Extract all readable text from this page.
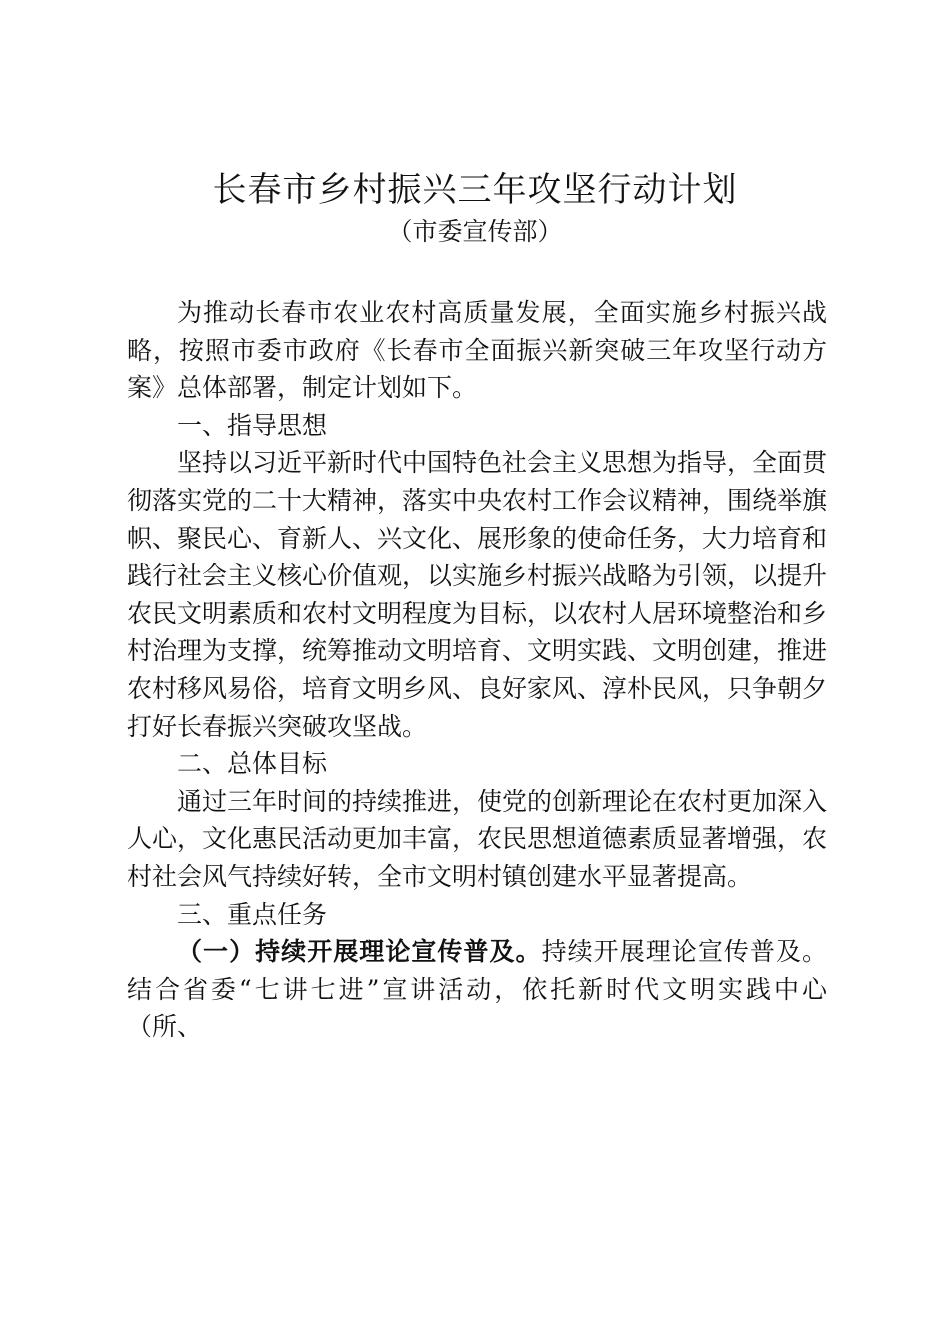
长春市乡村振兴三年攻坚行动计划
（市委宣传部）

为推动长春市农业农村高质量发展，全面实施乡村振兴战略，按照市委市政府《长春市全面振兴新突破三年攻坚行动方案》总体部署，制定计划如下。

一、指导思想

坚持以习近平新时代中国特色社会主义思想为指导，全面贯彻落实党的二十大精神，落实中央农村工作会议精神，围绕举旗帜、聚民心、育新人、兴文化、展形象的使命任务，大力培育和践行社会主义核心价值观，以实施乡村振兴战略为引领，以提升农民文明素质和农村文明程度为目标，以农村人居环境整治和乡村治理为支撑，统筹推动文明培育、文明实践、文明创建，推进农村移风易俗，培育文明乡风、良好家风、淳朴民风，只争朝夕打好长春振兴突破攻坚战。

二、总体目标

通过三年时间的持续推进，使党的创新理论在农村更加深入人心，文化惠民活动更加丰富，农民思想道德素质显著增强，农村社会风气持续好转，全市文明村镇创建水平显著提高。

三、重点任务

（一）持续开展理论宣传普及。持续开展理论宣传普及。结合省委“七讲七进”宣讲活动，依托新时代文明实践中心（所、
